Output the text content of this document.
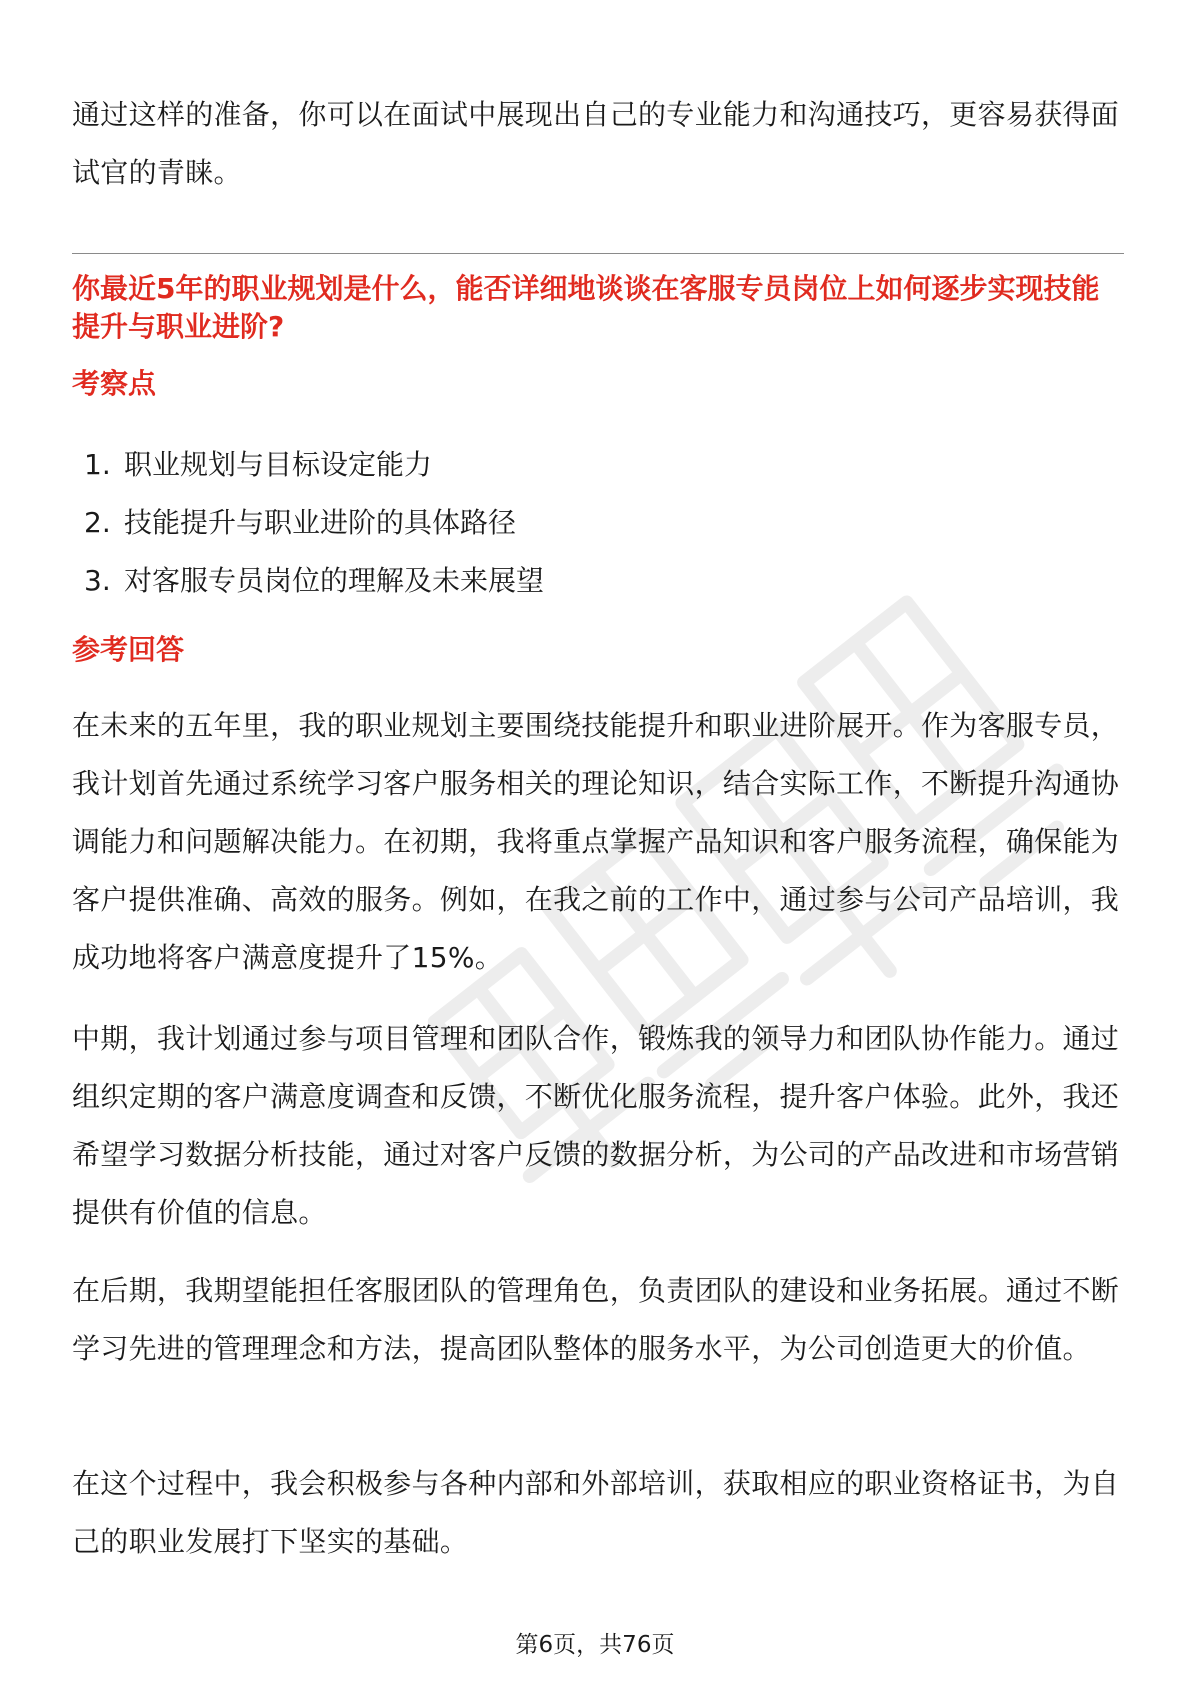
通过这样的准备，你可以在面试中展现出自己的专业能力和沟通技巧，更容易获得面试官的青睐。

你最近5年的职业规划是什么，能否详细地谈谈在客服专员岗位上如何逐步实现技能提升与职业进阶?
考察点
1. 职业规划与目标设定能力
2. 技能提升与职业进阶的具体路径
3. 对客服专员岗位的理解及未来展望
参考回答

在未来的五年里，我的职业规划主要围绕技能提升和职业进阶展开。作为客服专员，我计划首先通过系统学习客户服务相关的理论知识，结合实际工作，不断提升沟通协调能力和问题解决能力。在初期，我将重点掌握产品知识和客户服务流程，确保能为客户提供准确、高效的服务。例如，在我之前的工作中，通过参与公司产品培训，我成功地将客户满意度提升了15%。

中期，我计划通过参与项目管理和团队合作，锻炼我的领导力和团队协作能力。通过组织定期的客户满意度调查和反馈，不断优化服务流程，提升客户体验。此外，我还希望学习数据分析技能，通过对客户反馈的数据分析，为公司的产品改进和市场营销提供有价值的信息。

在后期，我期望能担任客服团队的管理角色，负责团队的建设和业务拓展。通过不断学习先进的管理理念和方法，提高团队整体的服务水平，为公司创造更大的价值。

在这个过程中，我会积极参与各种内部和外部培训，获取相应的职业资格证书，为自己的职业发展打下坚实的基础。

第6页，共76页
